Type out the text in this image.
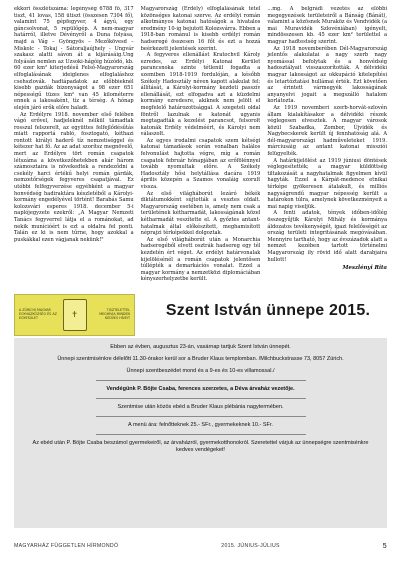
ekkori összlétszáma: legénység 6788 fő, 317 tiszt, 41 lovas, 158 ütiszt (összesen 7304 fő), valamint 75 gépfegyver, 4 ágyú, egy gáncsolvonat, 5 repülőgép. A nem-magyar határról, illetve Dévényről a Duna folyása, majd a Vág – Gyöngyös – Mezőkövesd – Miskolc - Tokaj - Sátoraljaújhely - Ungvár szakasz alatti sávon át a kijárásáig.Ung folyásán nemlen az Uzsoki-hágóig húzódó, kb. 60 ezer km² kiterjedésű Felső-Magyarország elfoglalásának ideiglenes elfoglaláshoz csehszlovák. hadtápadatok az előbbieknél kisebb gazdák bizonyságot a 98 ezer 651 népességű tüzes km² van 45 kilométerre ennek a lakosaként, tíz a térség. A hónap elején járó erők előre haladt.

Az Erdélyre 1918. november első felében vágó erővel, hadjeleknél nélkül támadtak rosszul felszerelt, az együttes felfejlődésűtás miatt rapportá rabló, fosztogató, kéthazi rontott királyi haderő tíz nemzetiséggel és kétezer hat fő. Az az adat szorítsz megnövelő, mert az Erdélyre tört román csapatok létszáma a következőhetekben akár három számosztaira is növekedtek a rendeződni a csekély harci értékű helyi román gárdák, nemzetőrségek fegyveres csapatjával. Ez utóbbi felfegyverzése egyébként a magyar honvédség hadiraktára készletéből a Károlyi-kormány engedélyével történt! Barabás Samu kolozsvári esperes 1918. december 5-i naplójegyzete ezekről: „A Magyar Nemzeti Tanács fegyverrel látja el a románokat, ad nekik munícióért is ezt a oldalra fel ponti. Talán ez ki is nem tűrne, hogy azokkal a puskákkal ezen vágjanak nekünk!"

Magyarország (Erdély) elfoglalásának tétel közönséges katonai szerve. Az erdélyi román alkotmányos katonai hatóságok a hivatalos eredmény 10-ig bejutott Kolozsvárra. Ebben a 1918-ban románul is kisebb erdélyi román hadseregé összesen 16 főt és ezt a hozzá beérkezett jelentések szerint.

A fegyveres ellenállást Kratochvil Károly ezredes, az Erdélyi Katonai Kerület parancsnoka szinte tétlenül fogadta a szemiben 1918-1919 fordulóján, a később Székely Hadosztály néven kapott alakulat fel: állítását, a Károlyi-kormány kezdeti passzív ellenállását, ezt elfogadva azt a küzdelmi kormány ezredesre, akiknek nem jelölt el megfelelő határozottsággal. A szegeteli oldal föntről lazulnak e katonát ugyanis megtagadták a kezelést parancsot, felsorolt katonák Erdély védelméért, és Károlyi nem válaszolt.

Az egyes irodalmi csapatok szem kétségi katonai támadások során vonalban halálos felvonulást hajtotta végre, míg a román csapatok február hónapjában az erőfölénnyel tovább nyomultak előre. A Székely Hadosztály hősi helytállása dacára 1919 április közepén a Szamos vonaláig szorult vissza.

Az első világháborút lezáró békék diktátumokként sújtották a vesztes oldalt. Magyarország esetében is, amely nem csak a területének kétharmadát, lakosságának közel kétharmadát veszítette el. A győztes antant-hatalmak által előkészített, meghamisított néprajzi térképekkel dolgoztak.

Az első világháborút után a Monarchia hadseregéből elvett osztrák hadsereg egy tél kezdetén ért véget. Az erdélyi határvonalak kijelölésénél a román csapatok jelentősen túllépték a demarkációs vonalat. Ezzel a magyar kormány a nemzetközi diplomáciában kényszerhelyzetbe került.

...mg. A belgrádi vezetés az előbbi megegyezések területeiről a Bánság (Bánát), valamint a közösnek Muraköz és Vendvidék (a mai Muravidék Szlovéniában) igényelt, mindösszesen kb. 45 ezer km² területtel a magyar hadtestség szerint.

Az 1918 novemberében Dél-Magyarország jelentős alakulatai a nagy szerb nagy nyomással befolytak és a honvédség hadosztályait visszaszorították. A délvidéki magyar lakosságot az okkupáció kitelepítési és letartóztatási hullámai érték. Ezt követően az érintett vármegyék lakosságának anyanyelvi jogait a megszálló hatalom korlátozta.

Az 1919 novemberi szerb-horvát-szlovén állam kialakításakor a délvidéki részek véglegesen elvesztek. A magyar városok közül Szabadka, Zombor, Újvidék és Nagybecskerek került új fennhatóság alá. A dél-magyarországi hadműveleteket 1919. márciusáig az antant katonai missziói felügyelték.

A határkijelölést az 1919 júniusi döntések véglegesítették; a magyar küldöttség tiltakozását a nagyhatalmak figyelmen kívül hagyták. Ezzel a Kárpát-medence etnikai térképe gyökeresen átalakult, és milliós nagyságrendű magyar népesség került a határokon túlra, amelynek következményeit a mai napig viseljük.

A fenti adatok, tények időben-időlég összegyűjtik Károlyi Mihály és kormánya áldozatos tevékenységét, igazi felelősségét az ország területi integritásának megóvásában. Mennyire tartható, hogy az évszázadok alatt a nemzet kezében tartott történelmi Magyarország ily rövid idő alatt darabjaira hullott!

Meszlényi Rita
A ZÜRICHI MAGYAR EGYHÁZKÖZSÉG ÉS AZ EGYESÜLET	✝	TISZTELETTEL MEGHÍVJA MINDEN KEDVES HÍVEIT	Szent István ünnepe 2015.

Ebben az évben, augusztus 23-án, vasárnap tartjuk Szent István ünnepét.

Ünnepi szentmisénkre délelőtt 11.30-órakor kerül sor a Bruder Klaus templomban. /Milchbuckstrasse 73, 8057 Zürich.

Ünnepi szentbeszédet mond és a 9-es és 10-es villamossal./

Vendégünk P. Böjte Csaba, ferences szerzetes, a Déva árvaház vezetője.

Szentmise után közös ebéd a Bruder Klaus plébánia nagytermében.

A menü ára: felnőtteknek 25.- SFr., gyermekeknek 10.- SFr.

Az ebéd után P. Böjte Csaba beszámol gyermekeiről, az árvaházról, gyermekotthonokról. Szeretettel várjuk az ünnepségre szentmisénkre kedves vendégeket!

MAGYARHÁZ FÜGGETLEN HÍRMONDÓ	2015. JÚNIUS-JÚLIUS	5
